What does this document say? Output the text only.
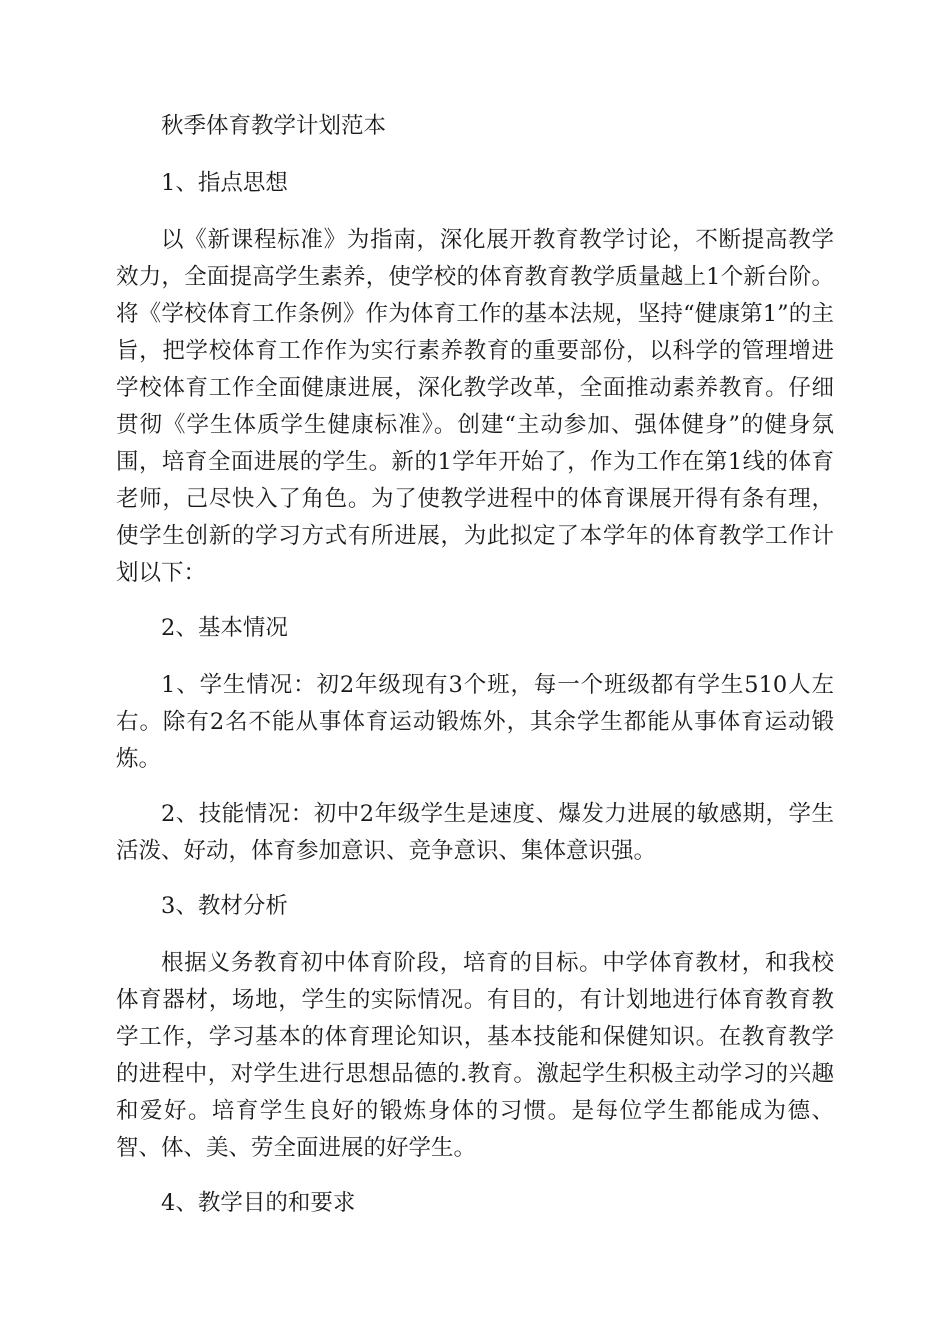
秋季体育教学计划范本

1、指点思想

以《新课程标准》为指南，深化展开教育教学讨论，不断提高教学效力，全面提高学生素养，使学校的体育教育教学质量越上1个新台阶。将《学校体育工作条例》作为体育工作的基本法规，坚持“健康第1”的主旨，把学校体育工作作为实行素养教育的重要部份，以科学的管理增进学校体育工作全面健康进展，深化教学改革，全面推动素养教育。仔细贯彻《学生体质学生健康标准》。创建“主动参加、强体健身”的健身氛围，培育全面进展的学生。新的1学年开始了，作为工作在第1线的体育老师，己尽快入了角色。为了使教学进程中的体育课展开得有条有理，使学生创新的学习方式有所进展，为此拟定了本学年的体育教学工作计划以下：

2、基本情况

1、学生情况：初2年级现有3个班，每一个班级都有学生510人左右。除有2名不能从事体育运动锻炼外，其余学生都能从事体育运动锻炼。

2、技能情况：初中2年级学生是速度、爆发力进展的敏感期，学生活泼、好动，体育参加意识、竞争意识、集体意识强。

3、教材分析

根据义务教育初中体育阶段，培育的目标。中学体育教材，和我校体育器材，场地，学生的实际情况。有目的，有计划地进行体育教育教学工作，学习基本的体育理论知识，基本技能和保健知识。在教育教学的进程中，对学生进行思想品德的.教育。激起学生积极主动学习的兴趣和爱好。培育学生良好的锻炼身体的习惯。是每位学生都能成为德、智、体、美、劳全面进展的好学生。

4、教学目的和要求
